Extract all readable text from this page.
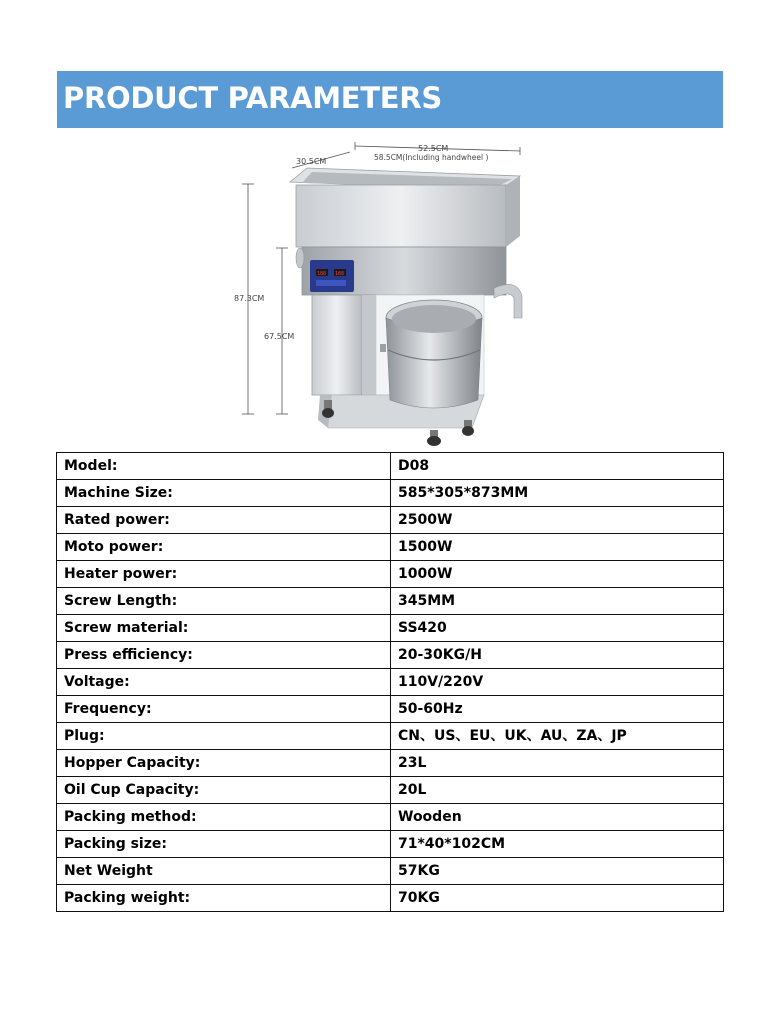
PRODUCT PARAMETERS
52.5CM
58.5CM(Including handwheel )
30.5CM
87.3CM
67.5CM
188 188
Model:	D08
Machine Size:	585*305*873MM
Rated power:	2500W
Moto power:	1500W
Heater power:	1000W
Screw Length:	345MM
Screw material:	SS420
Press efficiency:	20-30KG/H
Voltage:	110V/220V
Frequency:	50-60Hz
Plug:	CN、US、EU、UK、AU、ZA、JP
Hopper Capacity:	23L
Oil Cup Capacity:	20L
Packing method:	Wooden
Packing size:	71*40*102CM
Net Weight	57KG
Packing weight:	70KG
